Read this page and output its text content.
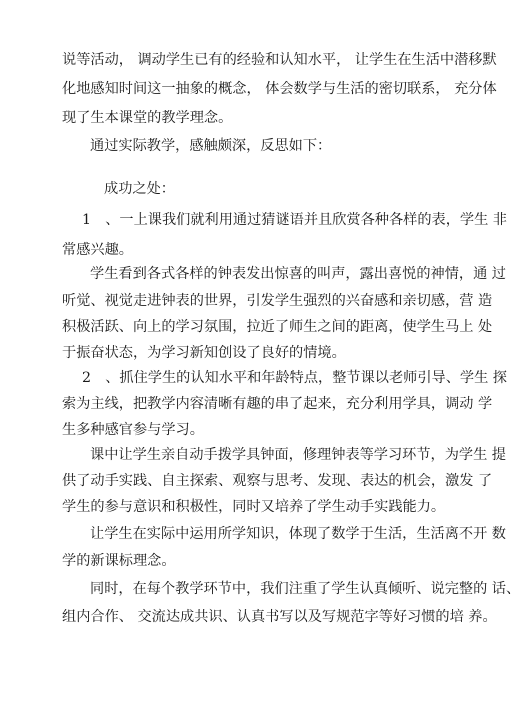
说等活动， 调动学生已有的经验和认知水平， 让学生在生活中潜移默
化地感知时间这一抽象的概念， 体会数学与生活的密切联系， 充分体
现了生本课堂的教学理念。
通过实际教学，感触颇深，反思如下：
成功之处：
1　、一上课我们就利用通过猜谜语并且欣赏各种各样的表，学生 非
常感兴趣。
学生看到各式各样的钟表发出惊喜的叫声，露出喜悦的神情，通 过
听觉、视觉走进钟表的世界，引发学生强烈的兴奋感和亲切感，营 造
积极活跃、向上的学习氛围，拉近了师生之间的距离，使学生马上 处
于振奋状态，为学习新知创设了良好的情境。
2　、抓住学生的认知水平和年龄特点，整节课以老师引导、学生 探
索为主线，把教学内容清晰有趣的串了起来，充分利用学具，调动 学
生多种感官参与学习。
课中让学生亲自动手拨学具钟面，修理钟表等学习环节，为学生 提
供了动手实践、自主探索、观察与思考、发现、表达的机会，激发 了
学生的参与意识和积极性，同时又培养了学生动手实践能力。
让学生在实际中运用所学知识，体现了数学于生活，生活离不开 数
学的新课标理念。
同时，在每个教学环节中，我们注重了学生认真倾听、说完整的 话、
组内合作、 交流达成共识、认真书写以及写规范字等好习惯的培 养。
